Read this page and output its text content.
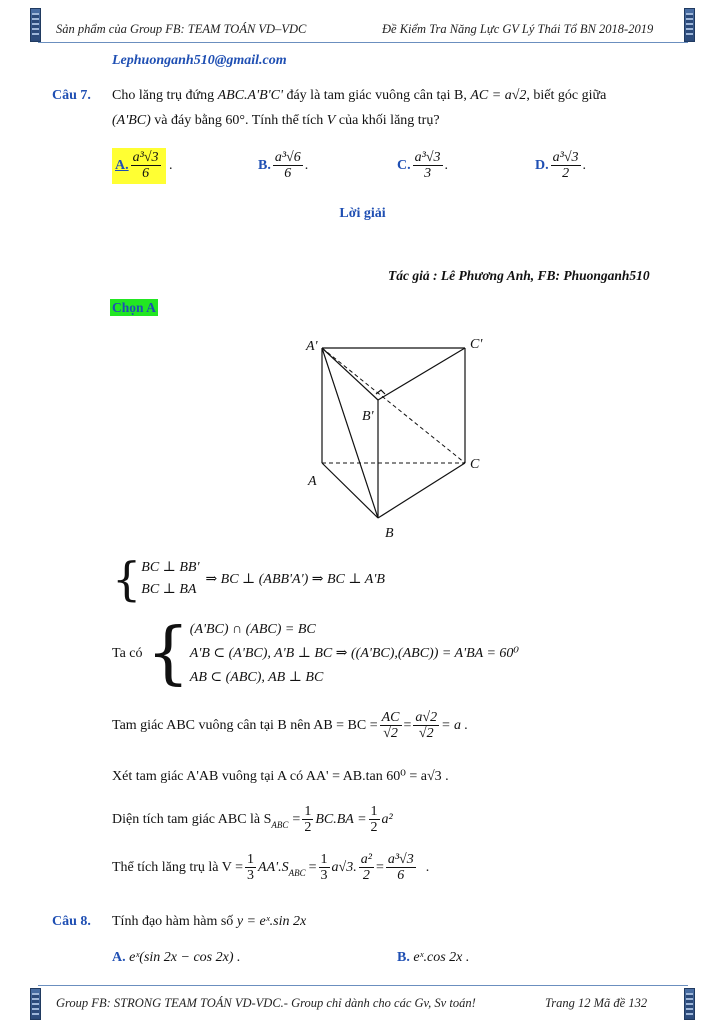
Sản phẩm của Group FB: TEAM TOÁN VD–VDC	Đề Kiểm Tra Năng Lực GV Lý Thái Tổ BN 2018-2019
Lephuonganh510@gmail.com
Câu 7. Cho lăng trụ đứng ABC.A'B'C' đáy là tam giác vuông cân tại B, AC = a√2, biết góc giữa
(A'BC) và đáy bằng 60°. Tính thể tích V của khối lăng trụ?
A. $\frac{\text{a³√3}}{6}$ .	B. $\frac{\text{a³√6}}{6}$ .	C. $\frac{\text{a³√3}}{3}$ .	D. $\frac{\text{a³√3}}{2}$ .
Lời giải
Tác giả : Lê Phương Anh, FB: Phuonganh510
Chọn A
A'	C'
B'
A
C
B
{ BC ⊥ BB'
BC ⊥ BA
⇒ BC ⊥ (ABB'A') ⇒ BC ⊥ A'B
Ta có { (A'BC) ∩ (ABC) = BC
A'B ⊂ (A'BC), A'B ⊥ BC ⇒ ((A'BC),(ABC)) = A'BA = 60⁰
AB ⊂ (ABC), AB ⊥ BC
Tam giác ABC vuông cân tại B nên AB = BC = $\frac{AC}{√2} = \frac{a√2}{√2} = a$ .
Xét tam giác A'AB vuông tại A có AA' = AB.tan 60⁰ = a√3 .
Diện tích tam giác ABC là $S_{ABC} = \frac{1}{2} BC.BA = \frac{1}{2} a^2$
Thể tích lăng trụ là $V = \frac{1}{3} AA'.S_{ABC} = \frac{1}{3} a√3$. $\frac{\text{a²}}{2} = \frac{\text{a³√3}}{6}$ .
Câu 8. Tính đạo hàm hàm số y = eˣ.sin 2x
A. eˣ(sin 2x − cos 2x) .	B. eˣ.cos 2x .
Group FB: STRONG TEAM TOÁN VD-VDC.- Group chỉ dành cho các Gv, Sv toán!	Trang 12 Mã đề 132
